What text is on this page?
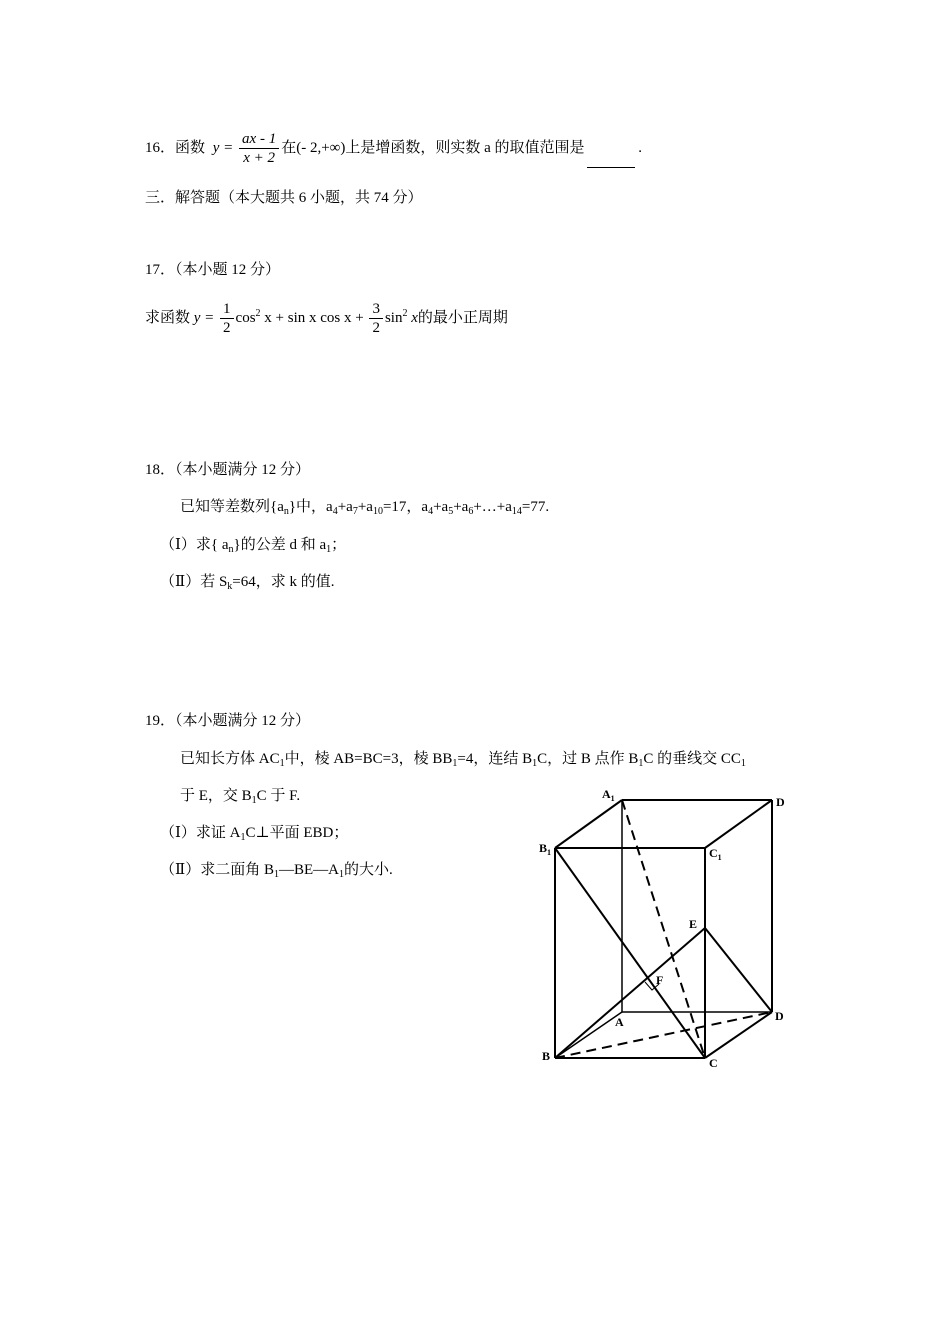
16．函数 $y = \frac{ax - 1}{x + 2}$ 在(- 2,+∞)上是增函数，则实数 a 的取值范围是	.
三．解答题（本大题共 6 小题，共 74 分）
17．（本小题 12 分）
求函数 $y = \frac{1}{2} \cos^2 x + \sin x$ $\cos x + \frac{3}{2} \sin^2 x$的最小正周期
18．（本小题满分 12 分）
已知等差数列$\{a_n\}$中，$a_4+a_7+a_{10}=17$，$a_4+a_5+a_6+\dots+a_{14}=77$.
（Ⅰ）求{ $a_n$}的公差 d 和 $a_1$；
（Ⅱ）若 $S_k=64$，求 k 的值.
19．（本小题满分 12 分）
已知长方体 $AC_1$中，棱 AB=BC=3，棱 $BB_1=4$，连结 $B_1C$，过 B 点作 $B_1C$ 的垂线交 $CC_1$
于 E，交 $B_1C$ 于 F.
（Ⅰ）求证 $A_1C\perp$平面 EBD；
（Ⅱ）求二面角 $B_1—BE—A_1$的大小.
$A_1$	D
$B_1$	$C_1$
E
F
A	D
B	C
